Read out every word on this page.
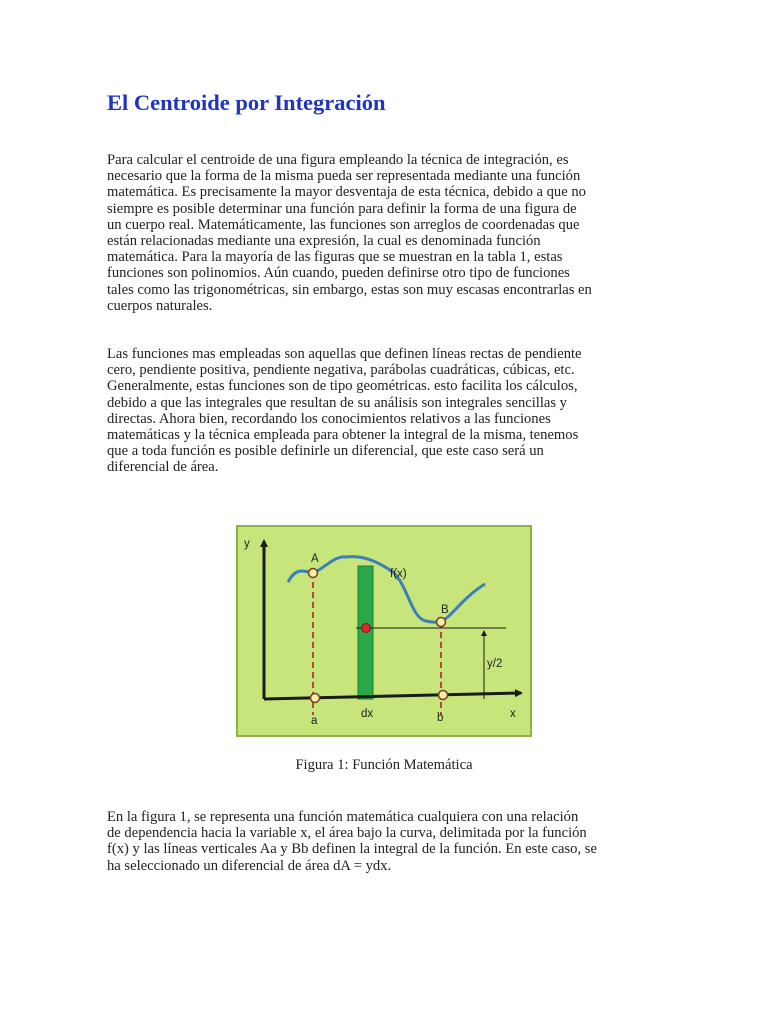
El Centroide por Integración
Para calcular el centroide de una figura empleando la técnica de integración, es
necesario que la forma de la misma pueda ser representada mediante una función
matemática. Es precisamente la mayor desventaja de esta técnica, debido a que no
siempre es posible determinar una función para definir la forma de una figura de
un cuerpo real. Matemáticamente, las funciones son arreglos de coordenadas que
están relacionadas mediante una expresión, la cual es denominada función
matemática. Para la mayoría de las figuras que se muestran en la tabla 1, estas
funciones son polinomios. Aún cuando, pueden definirse otro tipo de funciones
tales como las trigonométricas, sin embargo, estas son muy escasas encontrarlas en
cuerpos naturales.
Las funciones mas empleadas son aquellas que definen líneas rectas de pendiente
cero, pendiente positiva, pendiente negativa, parábolas cuadráticas, cúbicas, etc.
Generalmente, estas funciones son de tipo geométricas. esto facilita los cálculos,
debido a que las integrales que resultan de su análisis son integrales sencillas y
directas. Ahora bien, recordando los conocimientos relativos a las funciones
matemáticas y la técnica empleada para obtener la integral de la misma, tenemos
que a toda función es posible definirle un diferencial, que este caso será un
diferencial de área.
y
A
f(x)
B
y/2
dx	x
a	b

Figura 1: Función Matemática

En la figura 1, se representa una función matemática cualquiera con una relación
de dependencia hacia la variable x, el área bajo la curva, delimitada por la función
f(x) y las líneas verticales Aa y Bb definen la integral de la función. En este caso, se
ha seleccionado un diferencial de área dA = ydx.
